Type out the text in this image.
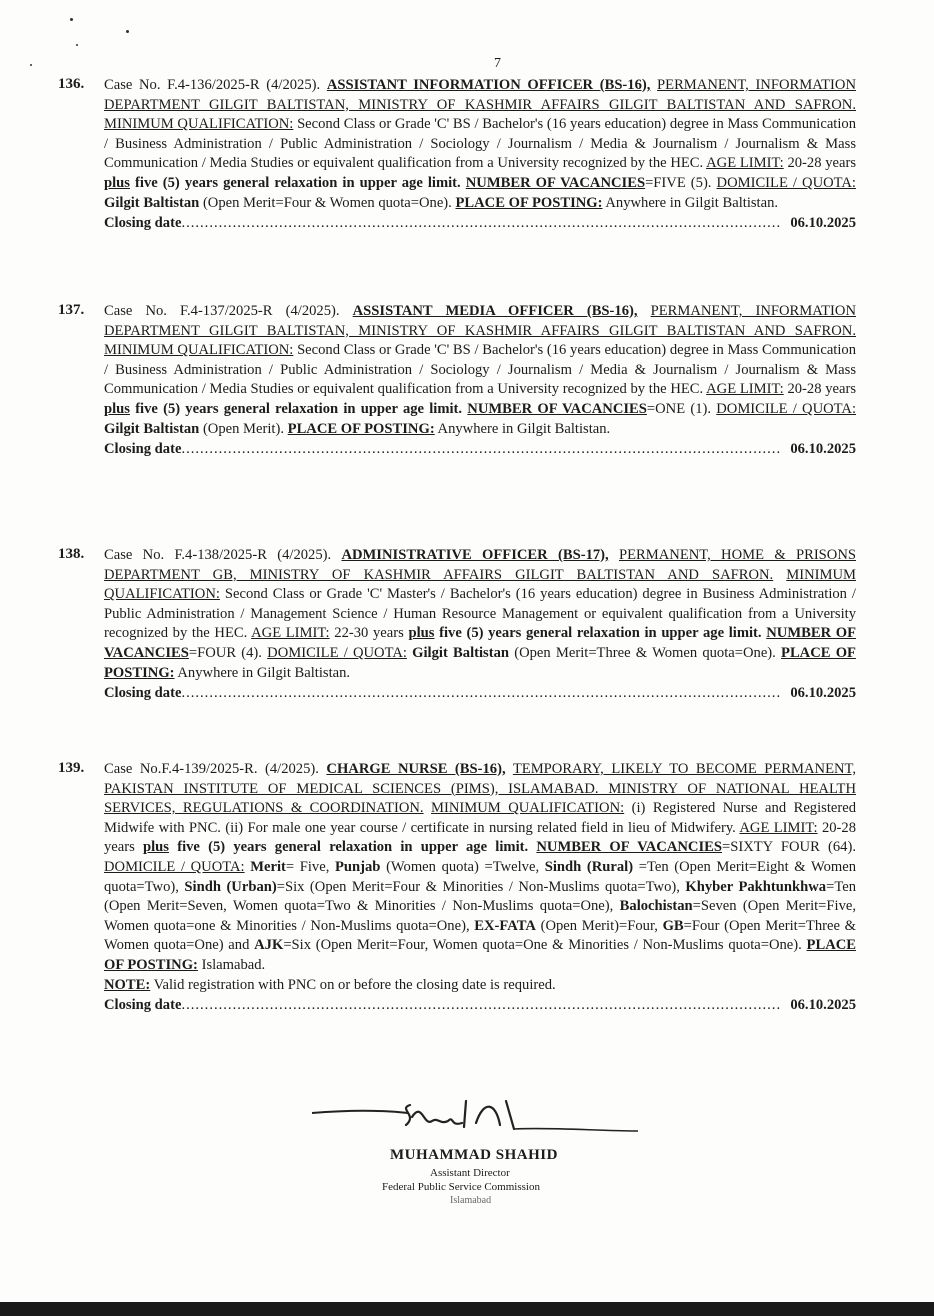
7
136. Case No. F.4-136/2025-R (4/2025). ASSISTANT INFORMATION OFFICER (BS-16), PERMANENT, INFORMATION DEPARTMENT GILGIT BALTISTAN, MINISTRY OF KASHMIR AFFAIRS GILGIT BALTISTAN AND SAFRON. MINIMUM QUALIFICATION: Second Class or Grade 'C' BS / Bachelor's (16 years education) degree in Mass Communication / Business Administration / Public Administration / Sociology / Journalism / Media & Journalism / Journalism & Mass Communication / Media Studies or equivalent qualification from a University recognized by the HEC. AGE LIMIT: 20-28 years plus five (5) years general relaxation in upper age limit. NUMBER OF VACANCIES=FIVE (5). DOMICILE / QUOTA: Gilgit Baltistan (Open Merit=Four & Women quota=One). PLACE OF POSTING: Anywhere in Gilgit Baltistan.
Closing date .....	06.10.2025
137. Case No. F.4-137/2025-R (4/2025). ASSISTANT MEDIA OFFICER (BS-16), PERMANENT, INFORMATION DEPARTMENT GILGIT BALTISTAN, MINISTRY OF KASHMIR AFFAIRS GILGIT BALTISTAN AND SAFRON. MINIMUM QUALIFICATION: Second Class or Grade 'C' BS / Bachelor's (16 years education) degree in Mass Communication / Business Administration / Public Administration / Sociology / Journalism / Media & Journalism / Journalism & Mass Communication / Media Studies or equivalent qualification from a University recognized by the HEC. AGE LIMIT: 20-28 years plus five (5) years general relaxation in upper age limit. NUMBER OF VACANCIES=ONE (1). DOMICILE / QUOTA: Gilgit Baltistan (Open Merit). PLACE OF POSTING: Anywhere in Gilgit Baltistan.
Closing date .....	06.10.2025
138. Case No. F.4-138/2025-R (4/2025). ADMINISTRATIVE OFFICER (BS-17), PERMANENT, HOME & PRISONS DEPARTMENT GB, MINISTRY OF KASHMIR AFFAIRS GILGIT BALTISTAN AND SAFRON. MINIMUM QUALIFICATION: Second Class or Grade 'C' Master's / Bachelor's (16 years education) degree in Business Administration / Public Administration / Management Science / Human Resource Management or equivalent qualification from a University recognized by the HEC. AGE LIMIT: 22-30 years plus five (5) years general relaxation in upper age limit. NUMBER OF VACANCIES=FOUR (4). DOMICILE / QUOTA: Gilgit Baltistan (Open Merit=Three & Women quota=One). PLACE OF POSTING: Anywhere in Gilgit Baltistan.
Closing date .....	06.10.2025
139. Case No.F.4-139/2025-R. (4/2025). CHARGE NURSE (BS-16), TEMPORARY, LIKELY TO BECOME PERMANENT, PAKISTAN INSTITUTE OF MEDICAL SCIENCES (PIMS), ISLAMABAD. MINISTRY OF NATIONAL HEALTH SERVICES, REGULATIONS & COORDINATION. MINIMUM QUALIFICATION: (i) Registered Nurse and Registered Midwife with PNC. (ii) For male one year course / certificate in nursing related field in lieu of Midwifery. AGE LIMIT: 20-28 years plus five (5) years general relaxation in upper age limit. NUMBER OF VACANCIES=SIXTY FOUR (64). DOMICILE / QUOTA: Merit= Five, Punjab (Women quota) =Twelve, Sindh (Rural) =Ten (Open Merit=Eight & Women quota=Two), Sindh (Urban)=Six (Open Merit=Four & Minorities / Non-Muslims quota=Two), Khyber Pakhtunkhwa=Ten (Open Merit=Seven, Women quota=Two & Minorities / Non-Muslims quota=One), Balochistan=Seven (Open Merit=Five, Women quota=one & Minorities / Non-Muslims quota=One), EX-FATA (Open Merit)=Four, GB=Four (Open Merit=Three & Women quota=One) and AJK=Six (Open Merit=Four, Women quota=One & Minorities / Non-Muslims quota=One). PLACE OF POSTING: Islamabad.
NOTE: Valid registration with PNC on or before the closing date is required.
Closing date .....	06.10.2025
MUHAMMAD SHAHID
Assistant Director
Federal Public Service Commission
Islamabad
